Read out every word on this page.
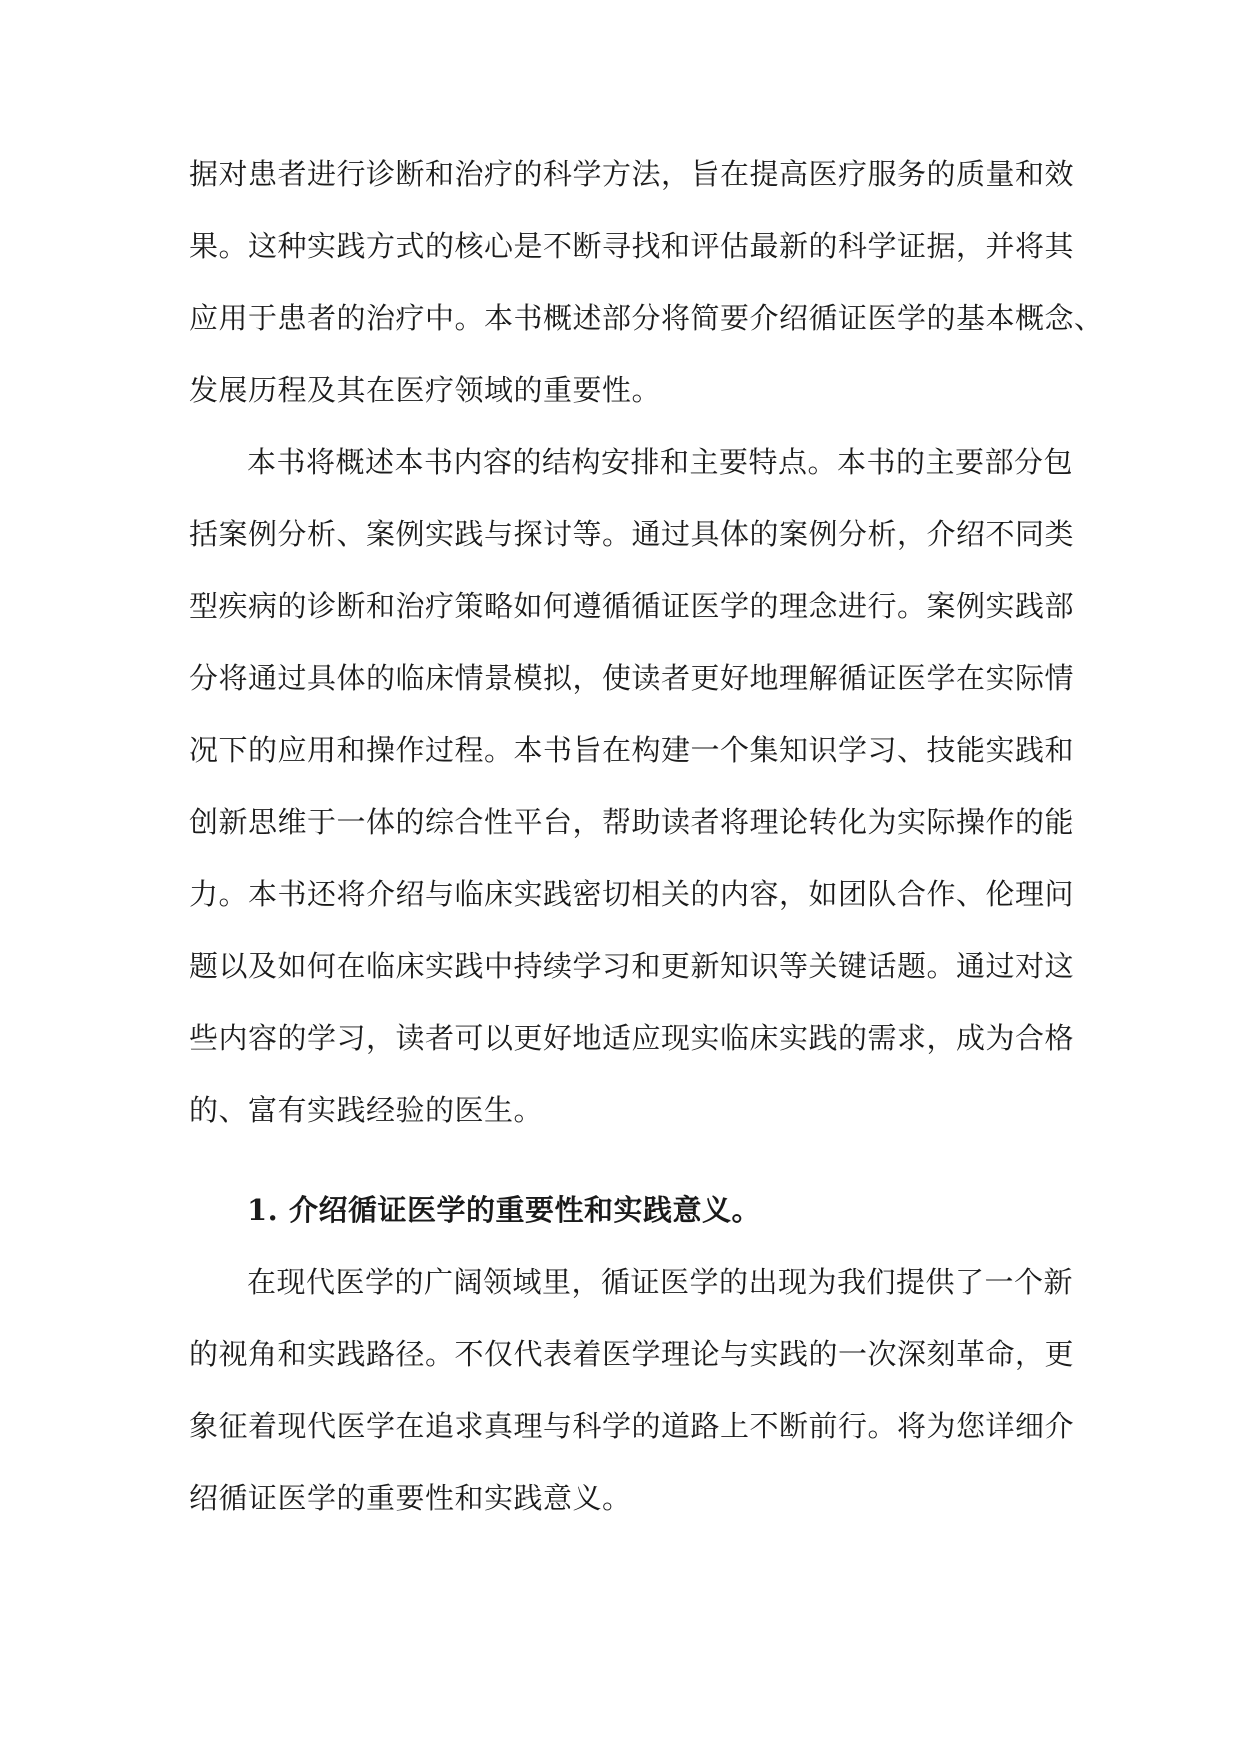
据对患者进行诊断和治疗的科学方法，旨在提高医疗服务的质量和效
果。这种实践方式的核心是不断寻找和评估最新的科学证据，并将其
应用于患者的治疗中。本书概述部分将简要介绍循证医学的基本概念、
发展历程及其在医疗领域的重要性。
本书将概述本书内容的结构安排和主要特点。本书的主要部分包
括案例分析、案例实践与探讨等。通过具体的案例分析，介绍不同类
型疾病的诊断和治疗策略如何遵循循证医学的理念进行。案例实践部
分将通过具体的临床情景模拟，使读者更好地理解循证医学在实际情
况下的应用和操作过程。本书旨在构建一个集知识学习、技能实践和
创新思维于一体的综合性平台，帮助读者将理论转化为实际操作的能
力。本书还将介绍与临床实践密切相关的内容，如团队合作、伦理问
题以及如何在临床实践中持续学习和更新知识等关键话题。通过对这
些内容的学习，读者可以更好地适应现实临床实践的需求，成为合格
的、富有实践经验的医生。
1. 介绍循证医学的重要性和实践意义。
在现代医学的广阔领域里，循证医学的出现为我们提供了一个新
的视角和实践路径。不仅代表着医学理论与实践的一次深刻革命，更
象征着现代医学在追求真理与科学的道路上不断前行。将为您详细介
绍循证医学的重要性和实践意义。
